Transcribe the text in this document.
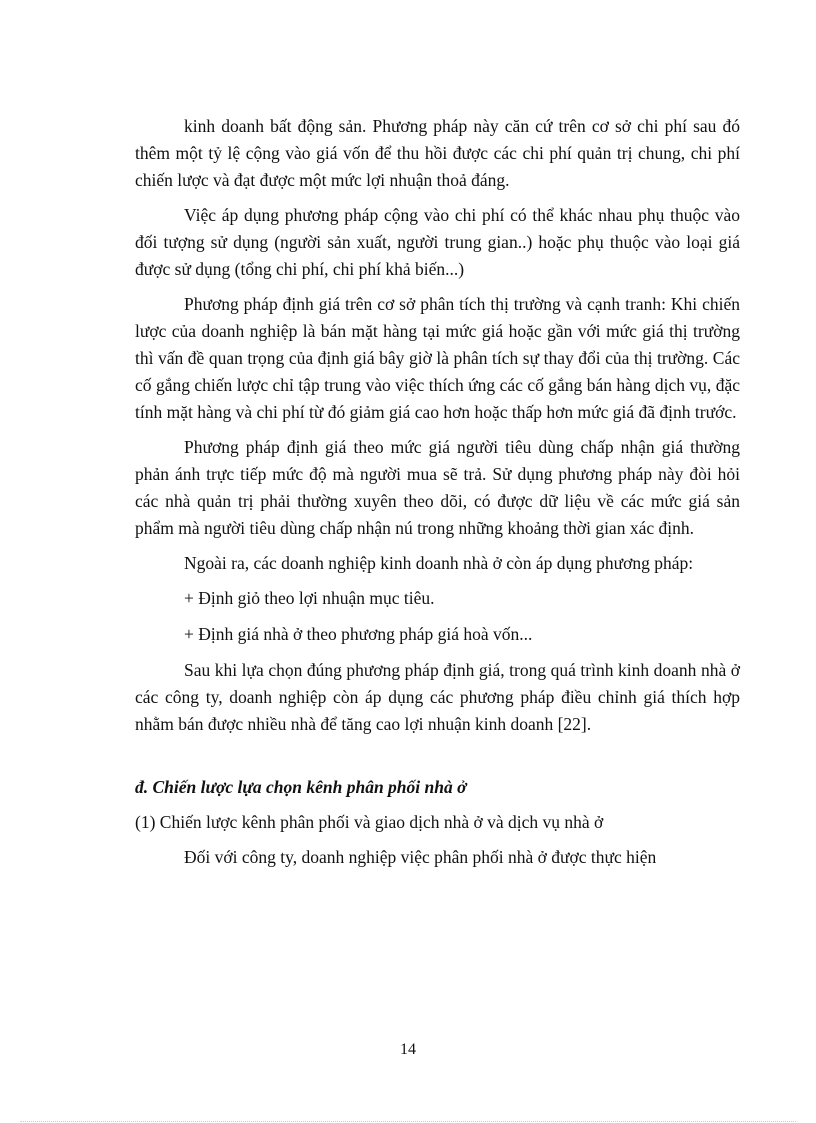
kinh doanh bất động sản. Phương pháp này căn cứ trên cơ sở chi phí sau đó thêm một tỷ lệ cộng vào giá vốn để thu hồi được các chi phí quản trị chung, chi phí chiến lược và đạt được một mức lợi nhuận thoả đáng.

Việc áp dụng phương pháp cộng vào chi phí có thể khác nhau phụ thuộc vào đối tượng sử dụng (người sản xuất, người trung gian..) hoặc phụ thuộc vào loại giá được sử dụng (tổng chi phí, chi phí khả biến...)

Phương pháp định giá trên cơ sở phân tích thị trường và cạnh tranh: Khi chiến lược của doanh nghiệp là bán mặt hàng tại mức giá hoặc gần với mức giá thị trường thì vấn đề quan trọng của định giá bây giờ là phân tích sự thay đổi của thị trường. Các cố gắng chiến lược chỉ tập trung vào việc thích ứng các cố gắng bán hàng dịch vụ, đặc tính mặt hàng và chi phí từ đó giảm giá cao hơn hoặc thấp hơn mức giá đã định trước.

Phương pháp định giá theo mức giá người tiêu dùng chấp nhận giá thường phản ánh trực tiếp mức độ mà người mua sẽ trả. Sử dụng phương pháp này đòi hỏi các nhà quản trị phải thường xuyên theo dõi, có được dữ liệu về các mức giá sản phẩm mà người tiêu dùng chấp nhận nú trong những khoảng thời gian xác định.

Ngoài ra, các doanh nghiệp kinh doanh nhà ở còn áp dụng phương pháp:

+ Định giỏ theo lợi nhuận mục tiêu.

+ Định giá nhà ở theo phương pháp giá hoà vốn...

Sau khi lựa chọn đúng phương pháp định giá, trong quá trình kinh doanh nhà ở các công ty, doanh nghiệp còn áp dụng các phương pháp điều chỉnh giá thích hợp nhằm bán được nhiều nhà để tăng cao lợi nhuận kinh doanh [22].

đ. Chiến lược lựa chọn kênh phân phối nhà ở

(1) Chiến lược kênh phân phối và giao dịch nhà ở và dịch vụ nhà ở

Đối với công ty, doanh nghiệp việc phân phối nhà ở được thực hiện

14
